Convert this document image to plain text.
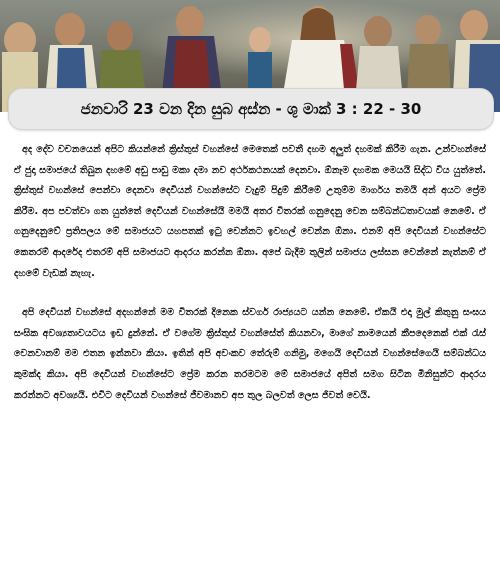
ජනවාරි 23 වන දින සුබ අස්න - ශු මාක් 3 : 22 - 30

අද දේව වචනයෙන් අපිට කියන්නේ ක්‍රිස්තුස් වහන්සේ මෙතෙක් පවතී දහම අලුත් දහමක් කිරීම ගැන. උන්වහන්සේ ඒ ජුදා සමාජයේ තිබුන දහමේ අඩු පාඩු මකා දමා නව අර්ථකථනයක් දෙනවා. ඕනෑම දහමක මෙයයි සිද්ධ විය යුත්තේ. ක්‍රිස්තුස් වහන්සේ පෙන්වා දෙනවා දෙවියන් වහන්සේට වැදුම් පිදුම් කිරීමේ උතුම්ම මාර්ගය තමයි අන් අයට ප්‍රේම කිරීම. අප පවත්වා ගත යුත්තේ දෙවියන් වහන්සේයි මමයි අතර විතරක් ගනුදෙනු වෙන සම්බන්ධතාවයක් නෙමේ. ඒ ගනුදෙනුවේ ප්‍රතිපලය මේ සමාජයට යහපතක් ඉටු වෙන්නට ඉවහල් වෙන්න ඕනා. එනම් අපි දෙවියන් වහන්සේට කෙතරම් ආදරේද එතරම් අපි සමාජයට ආදරය කරන්න ඕනා. අපේ බැදීම තුලින් සමාජය ලස්සන වෙන්නේ නැත්නම් ඒ දහමේ වැඩක් නැහැ.

අපි දෙවියන් වහන්සේ අදහන්නේ මම විතරක් දිනෙක ස්වර්ග රාජ්‍යයට යන්න නෙමේ. ඒකයි එදා මුල් කිතුනු සංඝය සංඝික අවශ්‍යතාවයටය ඉඩ දුන්නේ. ඒ වගේම ක්‍රිස්තුස් වහන්සේත් කියනවා, මාගේ නාමයෙන් කීපදෙනෙක් එක් රැස් වෙනවානම් මම එතන ඉන්නවා කියා. ඉතින් අපි අවංකව තේරුම් ගනිමු, මගෙයි දෙවියන් වහන්සේගෙයි සම්බන්ධය කුමක්ද කියා. අපි දෙවියන් වහන්සේට ප්‍රේම කරන තරමටම මේ සමාජයේ අපිත් සමග සිටින මිනිසුන්ට ආදරය කරන්නට අවශ්‍යයි. එවිට දෙවියන් වහන්සේ ජීවමානව අප තුල බලවත් ලෙස ජිවත් වෙයි.
